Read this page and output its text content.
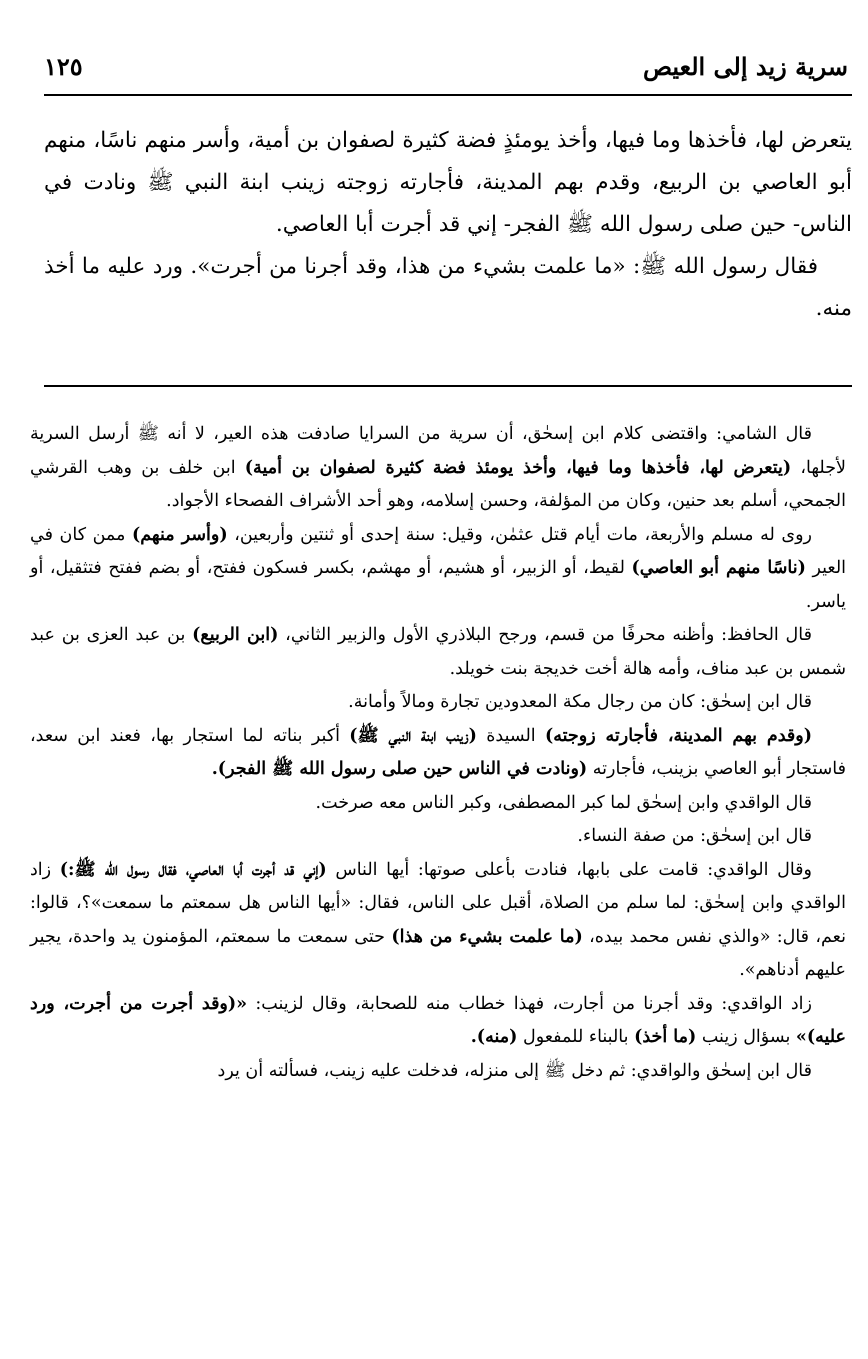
سرية زيد إلى العيص
١٢٥

يتعرض لها، فأخذها وما فيها، وأخذ يومئذٍ فضة كثيرة لصفوان بن أمية، وأسر منهم ناسًا، منهم أبو العاصي بن الربيع، وقدم بهم المدينة، فأجارته زوجته زينب ابنة النبي ﷺ ونادت في الناس- حين صلى رسول الله ﷺ الفجر- إني قد أجرت أبا العاصي.

فقال رسول الله ﷺ: «ما علمت بشيء من هذا، وقد أجرنا من أجرت». ورد عليه ما أخذ منه.

قال الشامي: واقتضى كلام ابن إسحٰق، أن سرية من السرايا صادفت هذه العير، لا أنه ﷺ أرسل السرية لأجلها، (يتعرض لها، فأخذها وما فيها، وأخذ يومئذ فضة كثيرة لصفوان بن أمية) ابن خلف بن وهب القرشي الجمحي، أسلم بعد حنين، وكان من المؤلفة، وحسن إسلامه، وهو أحد الأشراف الفصحاء الأجواد.

روى له مسلم والأربعة، مات أيام قتل عثمٰن، وقيل: سنة إحدى أو ثنتين وأربعين، (وأسر منهم) ممن كان في العير (ناسًا منهم أبو العاصي) لقيط، أو الزبير، أو هشيم، أو مهشم، بكسر فسكون ففتح، أو بضم ففتح فتثقيل، أو ياسر.

قال الحافظ: وأظنه محرفًا من قسم، ورجح البلاذري الأول والزبير الثاني، (ابن الربيع) بن عبد العزى بن عبد شمس بن عبد مناف، وأمه هالة أخت خديجة بنت خويلد.

قال ابن إسحٰق: كان من رجال مكة المعدودين تجارة ومالاً وأمانة.

(وقدم بهم المدينة، فأجارته زوجته) السيدة (زينب ابنة النبي ﷺ) أكبر بناته لما استجار بها، فعند ابن سعد، فاستجار أبو العاصي بزينب، فأجارته (ونادت في الناس حين صلى رسول الله ﷺ الفجر).

قال الواقدي وابن إسحٰق لما كبر المصطفى، وكبر الناس معه صرخت.

قال ابن إسحٰق: من صفة النساء.

وقال الواقدي: قامت على بابها، فنادت بأعلى صوتها: أيها الناس (إني قد أجرت أبا العاصي، فقال رسول الله ﷺ:) زاد الواقدي وابن إسحٰق: لما سلم من الصلاة، أقبل على الناس، فقال: «أيها الناس هل سمعتم ما سمعت»؟، قالوا: نعم، قال: «والذي نفس محمد بيده، (ما علمت بشيء من هذا) حتى سمعت ما سمعتم، المؤمنون يد واحدة، يجير عليهم أدناهم».

زاد الواقدي: وقد أجرنا من أجارت، فهذا خطاب منه للصحابة، وقال لزينب: «(وقد أجرت من أجرت، ورد عليه)» بسؤال زينب (ما أخذ) بالبناء للمفعول (منه).

قال ابن إسحٰق والواقدي: ثم دخل ﷺ إلى منزله، فدخلت عليه زينب، فسألته أن يرد
